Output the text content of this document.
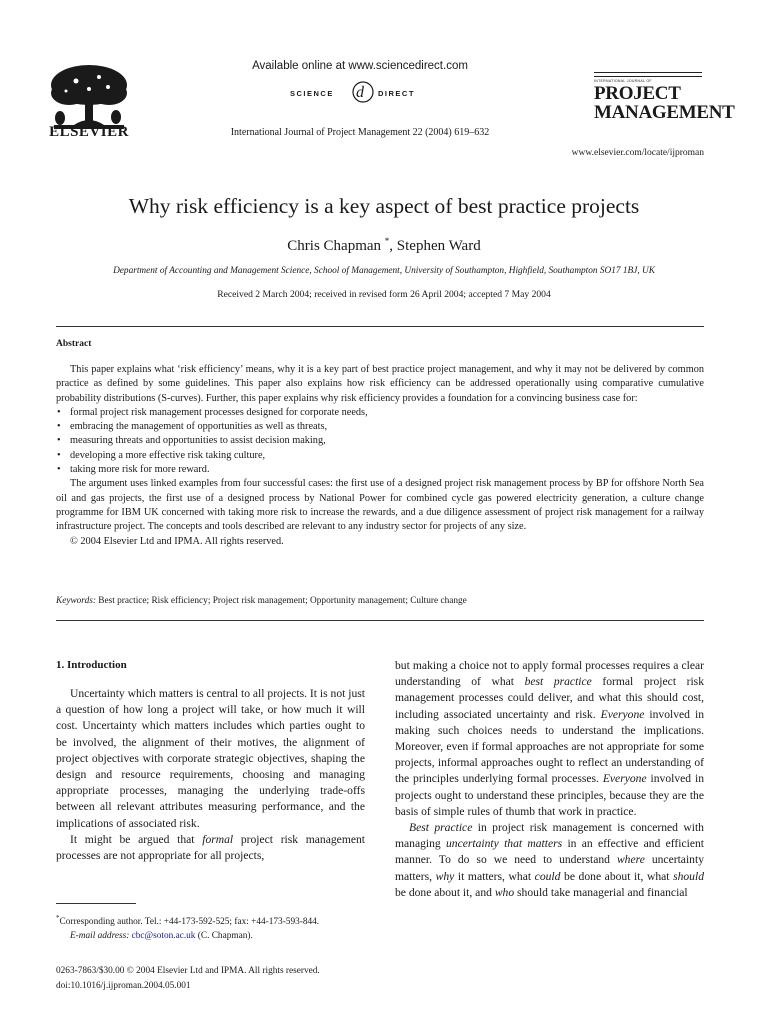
ELSEVIER
Available online at www.sciencedirect.com
SCIENCE d DIRECT
International Journal of Project Management 22 (2004) 619–632
INTERNATIONAL JOURNAL OF
PROJECT
MANAGEMENT
www.elsevier.com/locate/ijproman
Why risk efficiency is a key aspect of best practice projects
Chris Chapman *, Stephen Ward
Department of Accounting and Management Science, School of Management, University of Southampton, Highfield, Southampton SO17 1BJ, UK
Received 2 March 2004; received in revised form 26 April 2004; accepted 7 May 2004
Abstract

This paper explains what ‘risk efficiency’ means, why it is a key part of best practice project management, and why it may not be delivered by common practice as defined by some guidelines. This paper also explains how risk efficiency can be addressed operationally using comparative cumulative probability distributions (S-curves). Further, this paper explains why risk efficiency provides a foundation for a convincing business case for:

• formal project risk management processes designed for corporate needs,
• embracing the management of opportunities as well as threats,
• measuring threats and opportunities to assist decision making,
• developing a more effective risk taking culture,
• taking more risk for more reward.

The argument uses linked examples from four successful cases: the first use of a designed project risk management process by BP for offshore North Sea oil and gas projects, the first use of a designed process by National Power for combined cycle gas powered electricity generation, a culture change programme for IBM UK concerned with taking more risk to increase the rewards, and a due diligence assessment of project risk management for a railway infrastructure project. The concepts and tools described are relevant to any industry sector for projects of any size.

© 2004 Elsevier Ltd and IPMA. All rights reserved.
Keywords: Best practice; Risk efficiency; Project risk management; Opportunity management; Culture change
1. Introduction

Uncertainty which matters is central to all projects. It is not just a question of how long a project will take, or how much it will cost. Uncertainty which matters includes which parties ought to be involved, the alignment of their motives, the alignment of project objectives with corporate strategic objectives, shaping the design and resource requirements, choosing and managing appropriate processes, managing the underlying trade-offs between all relevant attributes measuring performance, and the implications of associated risk.

It might be argued that formal project risk management processes are not appropriate for all projects,

but making a choice not to apply formal processes requires a clear understanding of what best practice formal project risk management processes could deliver, and what this should cost, including associated uncertainty and risk. Everyone involved in making such choices needs to understand the implications. Moreover, even if formal approaches are not appropriate for some projects, informal approaches ought to reflect an understanding of the principles underlying formal processes. Everyone involved in projects ought to understand these principles, because they are the basis of simple rules of thumb that work in practice.

Best practice in project risk management is concerned with managing uncertainty that matters in an effective and efficient manner. To do so we need to understand where uncertainty matters, why it matters, what could be done about it, what should be done about it, and who should take managerial and financial

*Corresponding author. Tel.: +44-173-592-525; fax: +44-173-593-844.
E-mail address: cbc@soton.ac.uk (C. Chapman).
0263-7863/$30.00 © 2004 Elsevier Ltd and IPMA. All rights reserved.
doi:10.1016/j.ijproman.2004.05.001
